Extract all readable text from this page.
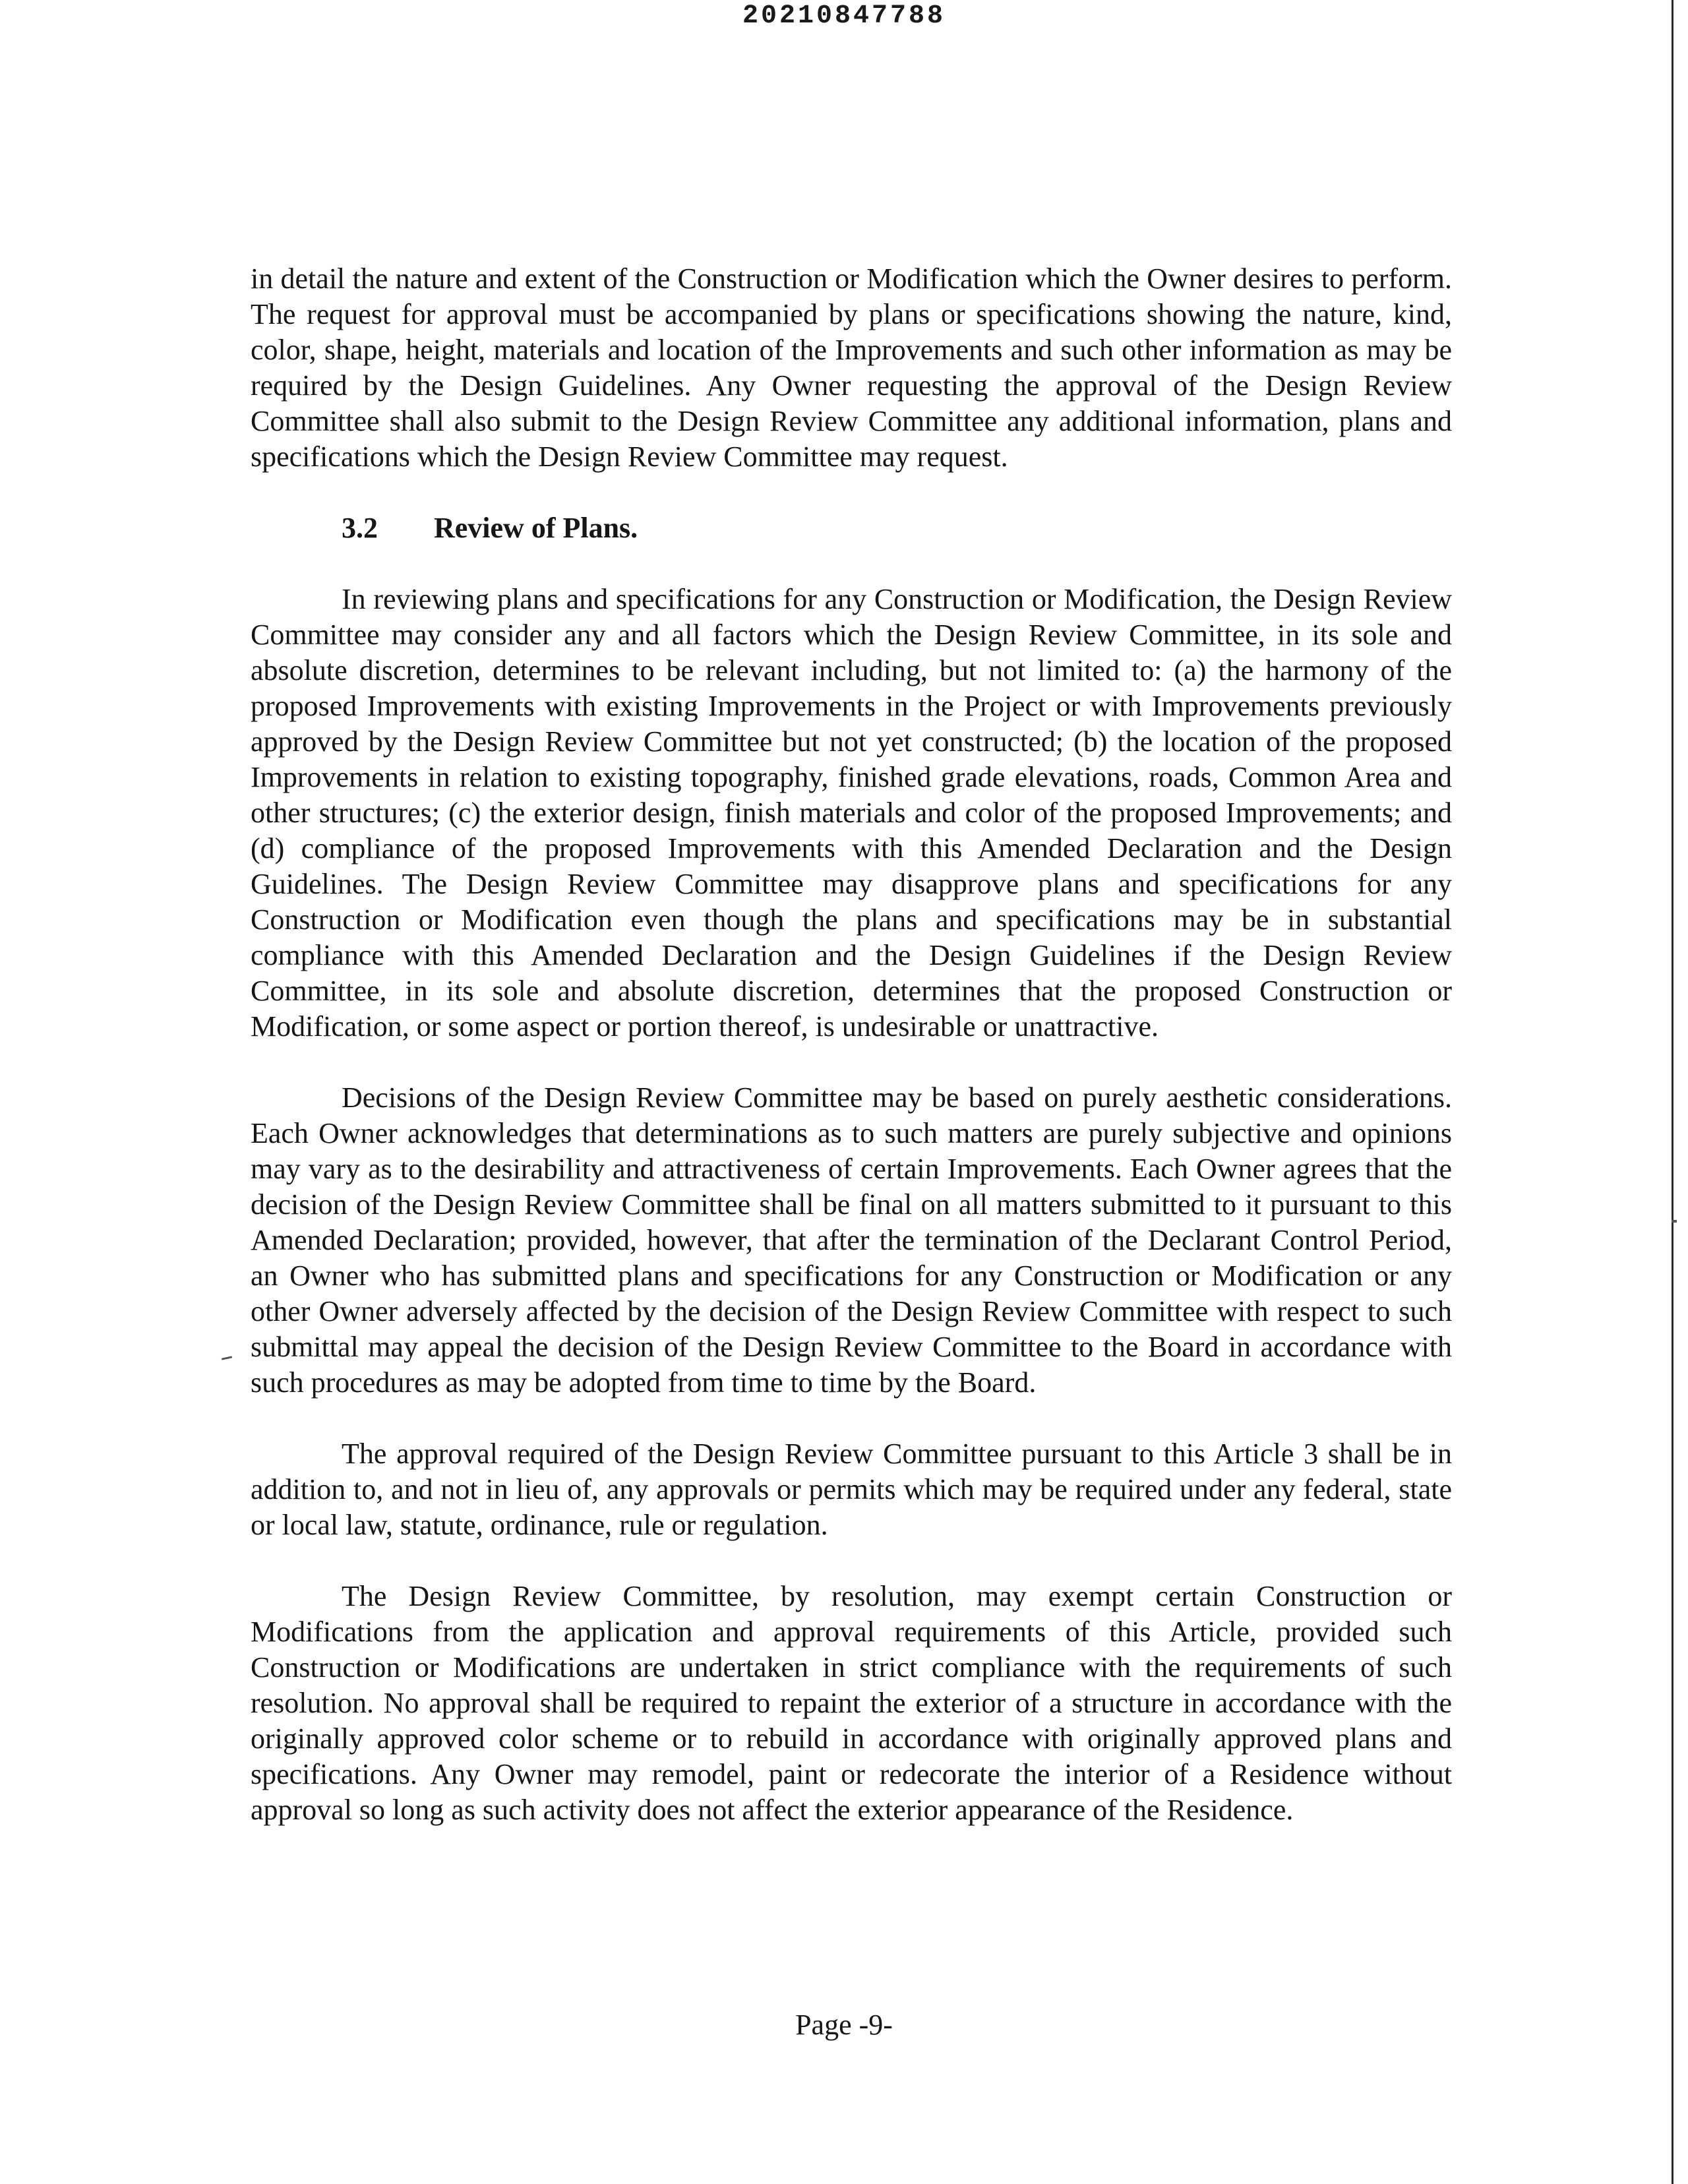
20210847788

in detail the nature and extent of the Construction or Modification which the Owner desires to perform. The request for approval must be accompanied by plans or specifications showing the nature, kind, color, shape, height, materials and location of the Improvements and such other information as may be required by the Design Guidelines. Any Owner requesting the approval of the Design Review Committee shall also submit to the Design Review Committee any additional information, plans and specifications which the Design Review Committee may request.

3.2 Review of Plans.

In reviewing plans and specifications for any Construction or Modification, the Design Review Committee may consider any and all factors which the Design Review Committee, in its sole and absolute discretion, determines to be relevant including, but not limited to: (a) the harmony of the proposed Improvements with existing Improvements in the Project or with Improvements previously approved by the Design Review Committee but not yet constructed; (b) the location of the proposed Improvements in relation to existing topography, finished grade elevations, roads, Common Area and other structures; (c) the exterior design, finish materials and color of the proposed Improvements; and (d) compliance of the proposed Improvements with this Amended Declaration and the Design Guidelines. The Design Review Committee may disapprove plans and specifications for any Construction or Modification even though the plans and specifications may be in substantial compliance with this Amended Declaration and the Design Guidelines if the Design Review Committee, in its sole and absolute discretion, determines that the proposed Construction or Modification, or some aspect or portion thereof, is undesirable or unattractive.

Decisions of the Design Review Committee may be based on purely aesthetic considerations. Each Owner acknowledges that determinations as to such matters are purely subjective and opinions may vary as to the desirability and attractiveness of certain Improvements. Each Owner agrees that the decision of the Design Review Committee shall be final on all matters submitted to it pursuant to this Amended Declaration; provided, however, that after the termination of the Declarant Control Period, an Owner who has submitted plans and specifications for any Construction or Modification or any other Owner adversely affected by the decision of the Design Review Committee with respect to such submittal may appeal the decision of the Design Review Committee to the Board in accordance with such procedures as may be adopted from time to time by the Board.

The approval required of the Design Review Committee pursuant to this Article 3 shall be in addition to, and not in lieu of, any approvals or permits which may be required under any federal, state or local law, statute, ordinance, rule or regulation.

The Design Review Committee, by resolution, may exempt certain Construction or Modifications from the application and approval requirements of this Article, provided such Construction or Modifications are undertaken in strict compliance with the requirements of such resolution. No approval shall be required to repaint the exterior of a structure in accordance with the originally approved color scheme or to rebuild in accordance with originally approved plans and specifications. Any Owner may remodel, paint or redecorate the interior of a Residence without approval so long as such activity does not affect the exterior appearance of the Residence.

Page -9-
